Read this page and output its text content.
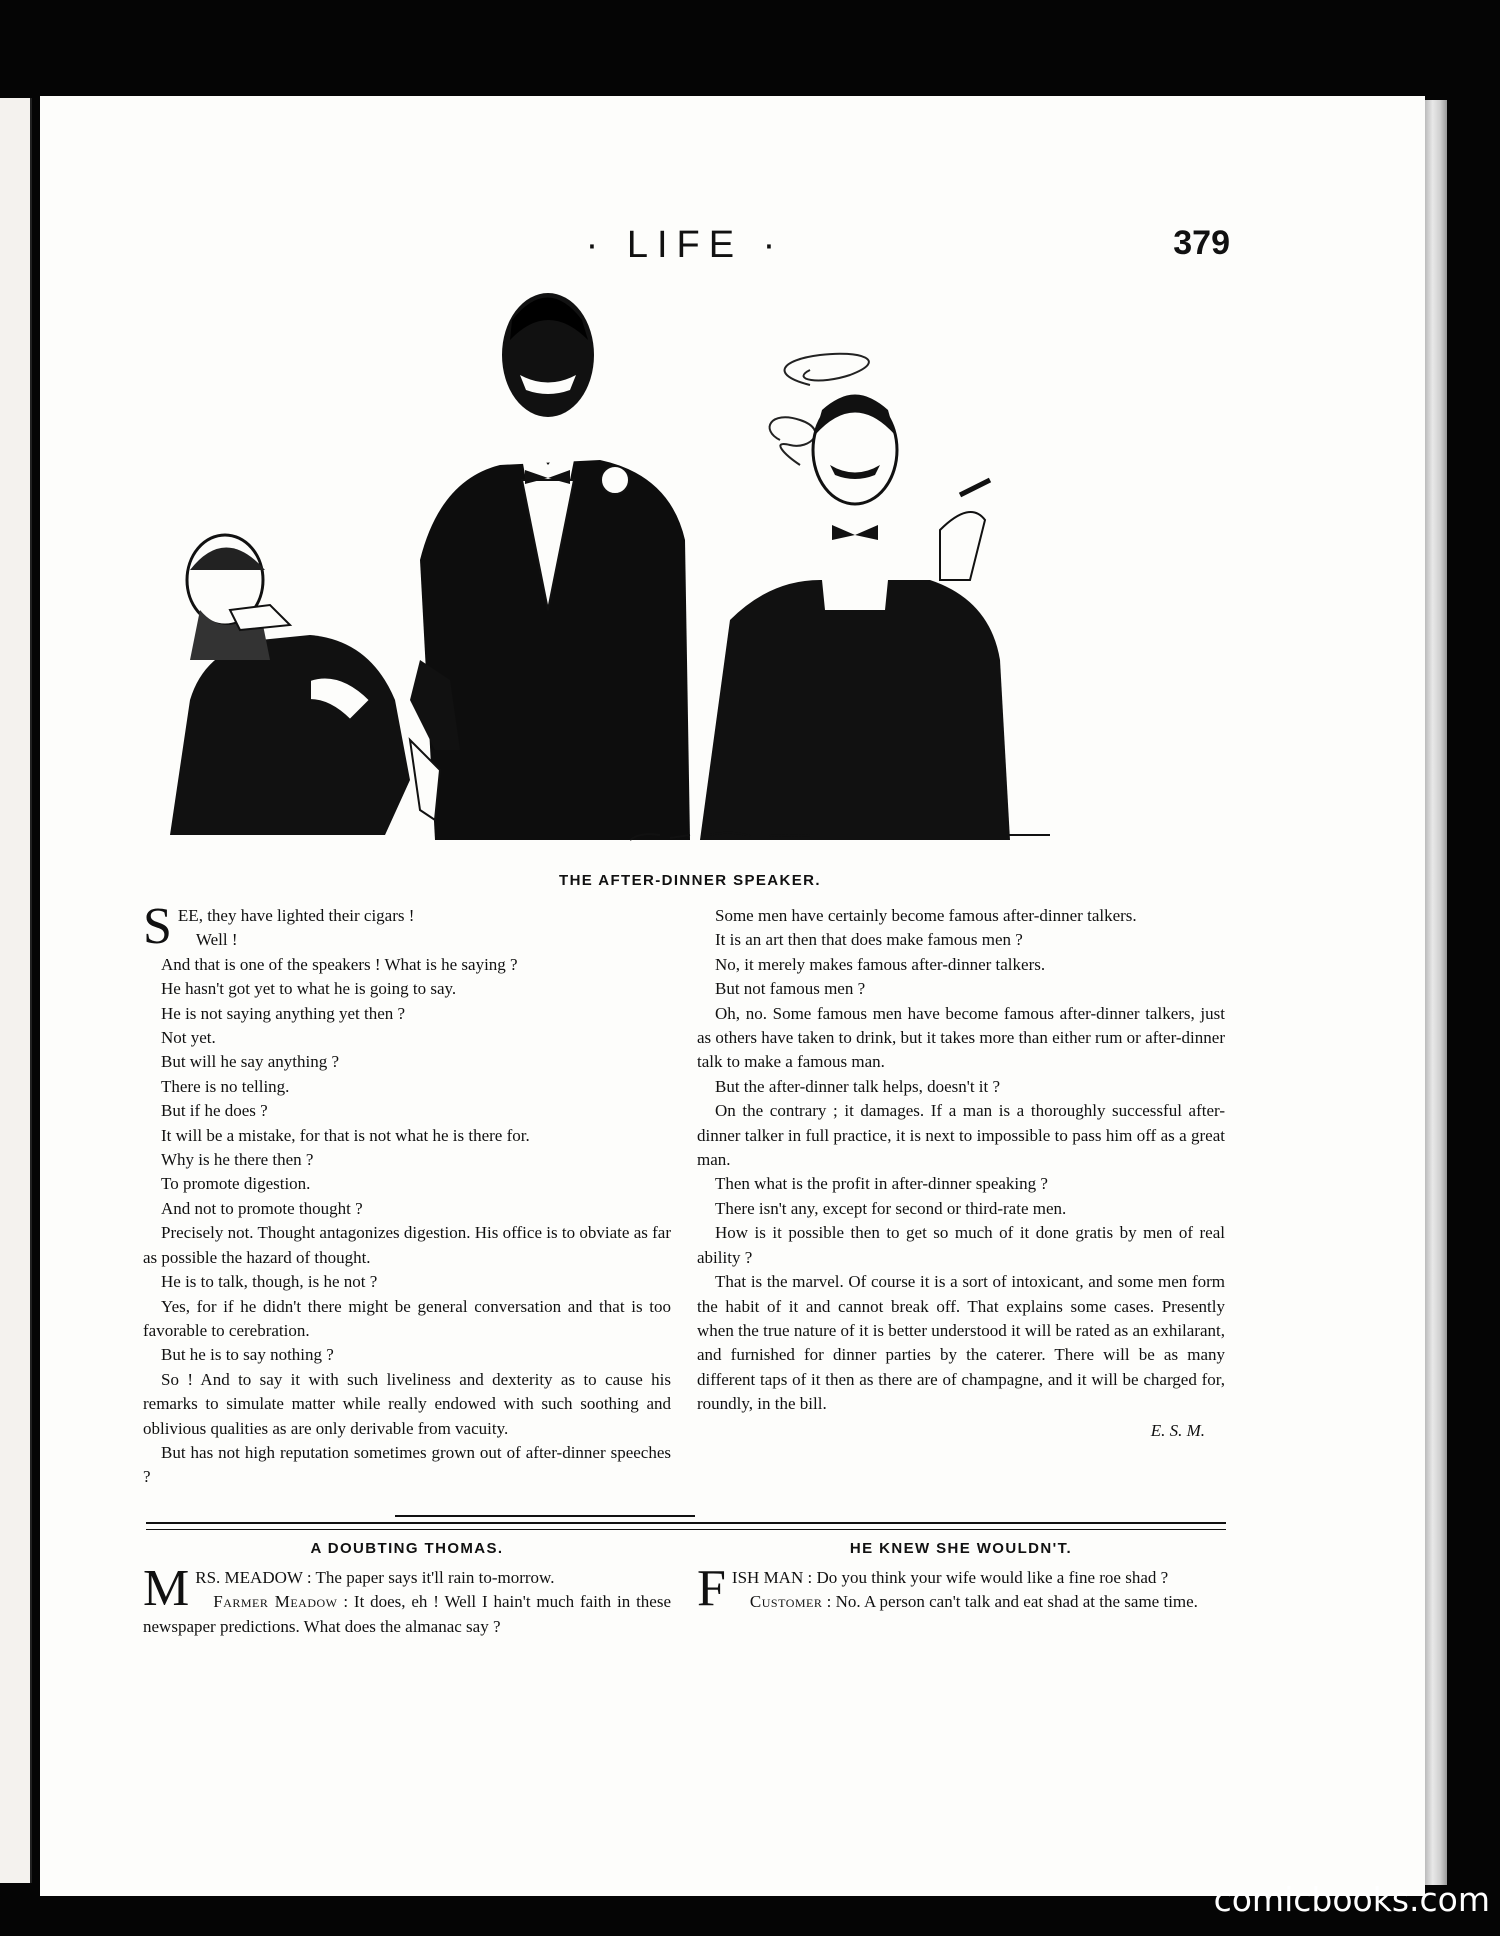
· LIFE ·	379
THE AFTER-DINNER SPEAKER.

SEE, they have lighted their cigars !

Well !

And that is one of the speakers ! What is he saying ?

He hasn't got yet to what he is going to say.

He is not saying anything yet then ?

Not yet.

But will he say anything ?

There is no telling.

But if he does ?

It will be a mistake, for that is not what he is there for.

Why is he there then ?

To promote digestion.

And not to promote thought ?

Precisely not. Thought antagonizes digestion. His office is to obviate as far as possible the hazard of thought.

He is to talk, though, is he not ?

Yes, for if he didn't there might be general conversation and that is too favorable to cerebration.

But he is to say nothing ?

So ! And to say it with such liveliness and dexterity as to cause his remarks to simulate matter while really endowed with such soothing and oblivious qualities as are only derivable from vacuity.

But has not high reputation sometimes grown out of after-dinner speeches ?

Some men have certainly become famous after-dinner talkers.

It is an art then that does make famous men ?

No, it merely makes famous after-dinner talkers.

But not famous men ?

Oh, no. Some famous men have become famous after-dinner talkers, just as others have taken to drink, but it takes more than either rum or after-dinner talk to make a famous man.

But the after-dinner talk helps, doesn't it ?

On the contrary ; it damages. If a man is a thoroughly successful after-dinner talker in full practice, it is next to impossible to pass him off as a great man.

Then what is the profit in after-dinner speaking ?

There isn't any, except for second or third-rate men.

How is it possible then to get so much of it done gratis by men of real ability ?

That is the marvel. Of course it is a sort of intoxicant, and some men form the habit of it and cannot break off. That explains some cases. Presently when the true nature of it is better understood it will be rated as an exhilarant, and furnished for dinner parties by the caterer. There will be as many different taps of it then as there are of champagne, and it will be charged for, roundly, in the bill.

E. S. M.
A DOUBTING THOMAS.

MRS. MEADOW : The paper says it'll rain to-morrow.

Farmer Meadow : It does, eh ! Well I hain't much faith in these newspaper predictions. What does the almanac say ?

HE KNEW SHE WOULDN'T.

FISH MAN : Do you think your wife would like a fine roe shad ?

Customer : No. A person can't talk and eat shad at the same time.

comicbooks.com
